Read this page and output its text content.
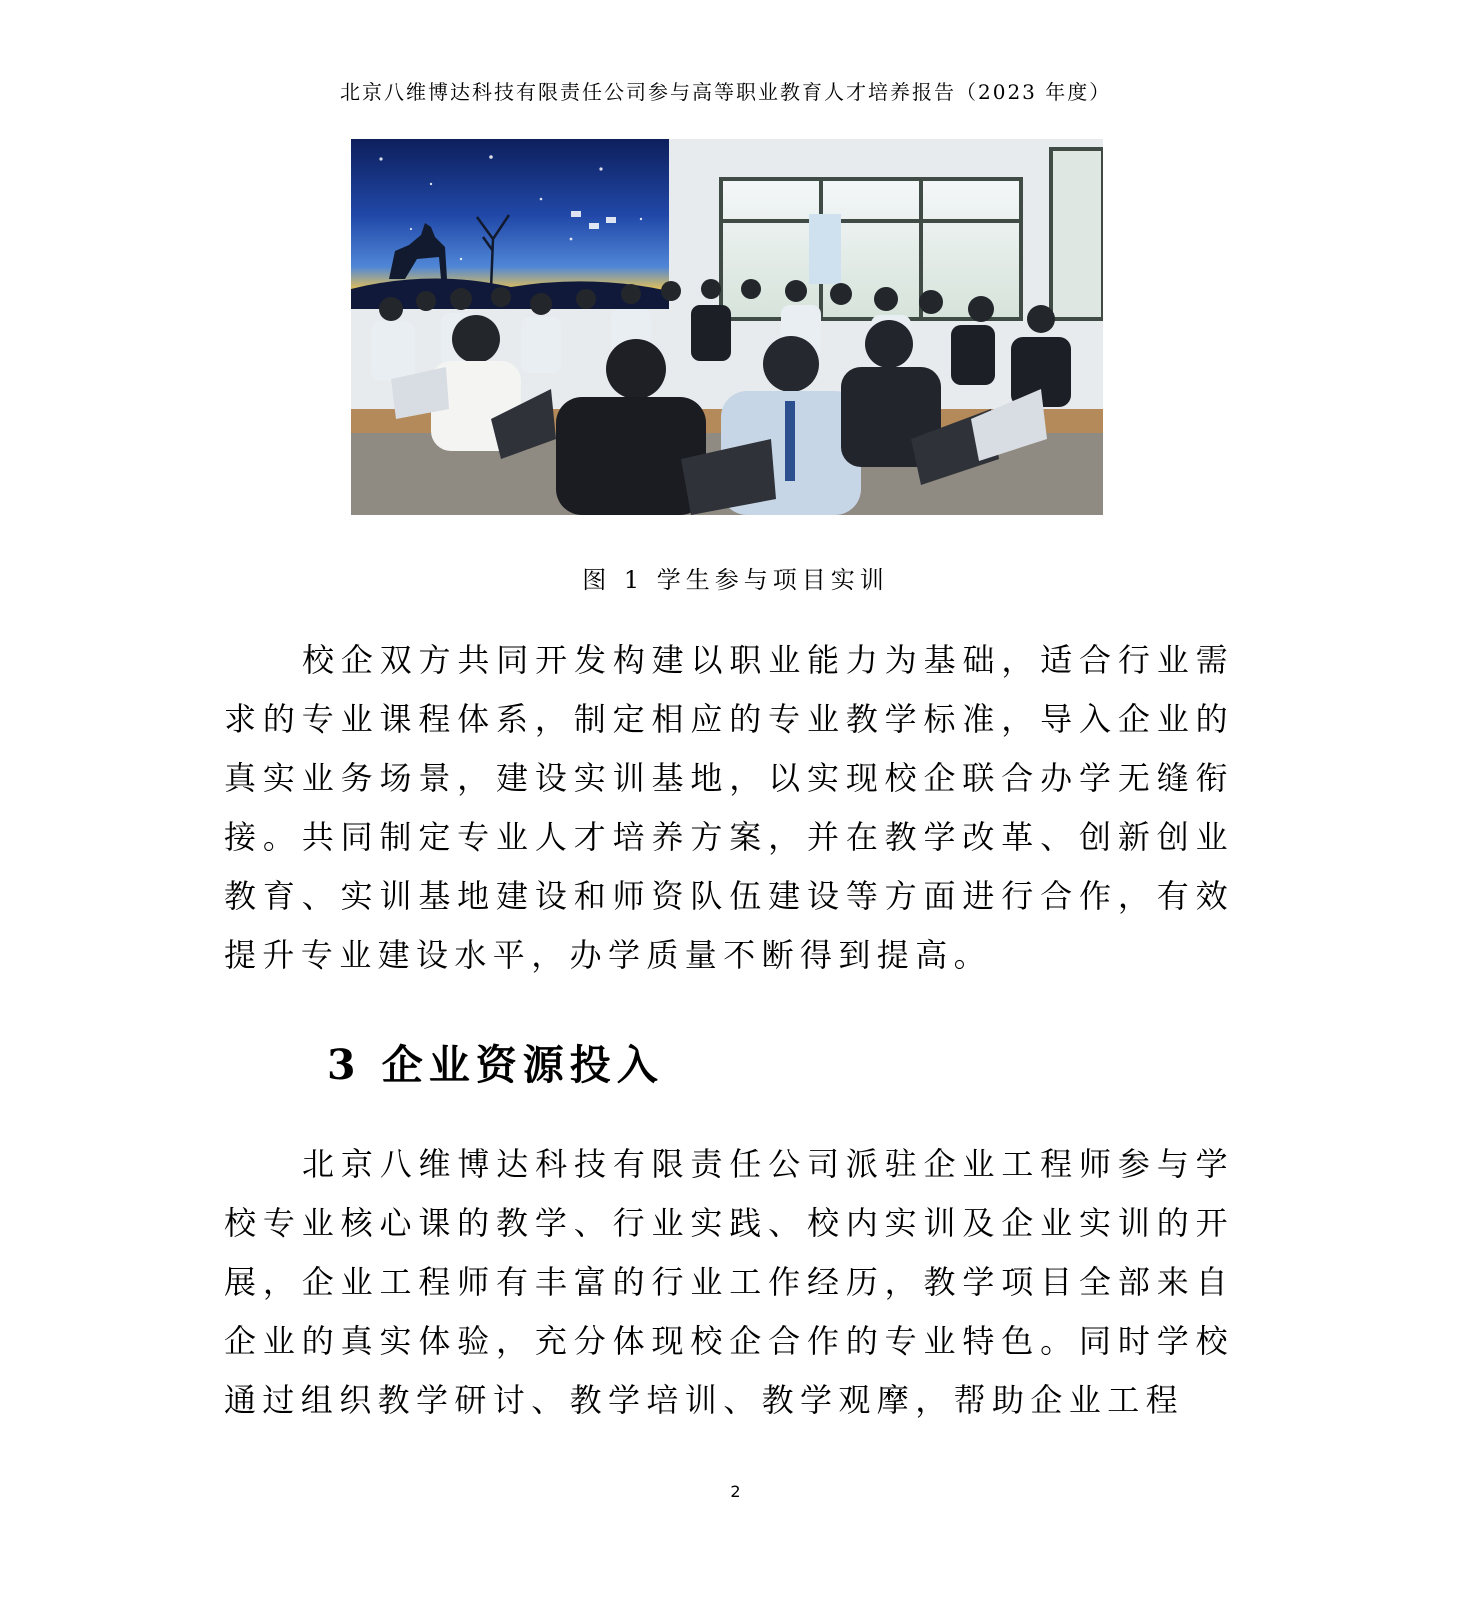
北京八维博达科技有限责任公司参与高等职业教育人才培养报告（2023 年度）
图 1 学生参与项目实训

校企双方共同开发构建以职业能力为基础，适合行业需求的专业课程体系，制定相应的专业教学标准，导入企业的真实业务场景，建设实训基地，以实现校企联合办学无缝衔接。共同制定专业人才培养方案，并在教学改革、创新创业教育、实训基地建设和师资队伍建设等方面进行合作，有效提升专业建设水平，办学质量不断得到提高。

3 企业资源投入

北京八维博达科技有限责任公司派驻企业工程师参与学校专业核心课的教学、行业实践、校内实训及企业实训的开展，企业工程师有丰富的行业工作经历，教学项目全部来自企业的真实体验，充分体现校企合作的专业特色。同时学校通过组织教学研讨、教学培训、教学观摩，帮助企业工程

2
